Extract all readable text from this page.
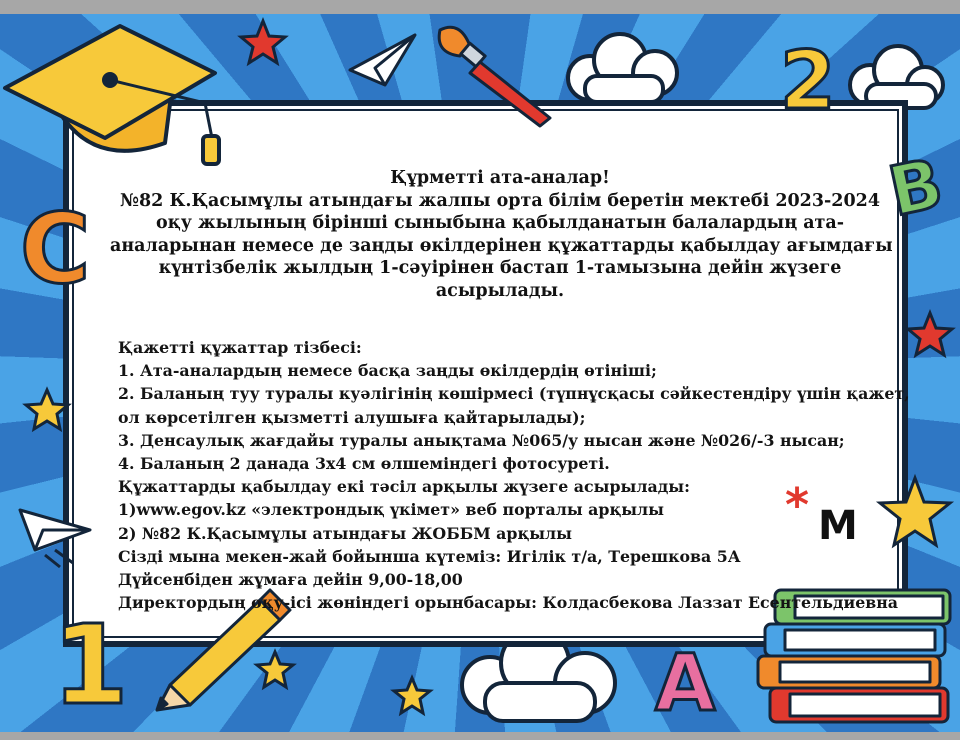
2
B
C
1	A
* M
Құрметті ата-аналар!
№82 К.Қасымұлы атындағы жалпы орта білім беретін мектебі 2023-2024
оқу жылының бірінші сыныбына қабылданатын балалардың ата-
аналарынан немесе де заңды өкілдерінен құжаттарды қабылдау ағымдағы
күнтізбелік жылдың 1-сәуірінен бастап 1-тамызына дейін жүзеге
асырылады.
Қажетті құжаттар тізбесі:
1. Ата-аналардың немесе басқа заңды өкілдердің өтініші;
2. Баланың туу туралы куәлігінің көшірмесі (түпнұсқасы сәйкестендіру үшін қажет,
ол көрсетілген қызметті алушыға қайтарылады);
3. Денсаулық жағдайы туралы анықтама №065/у нысан және №026/-3 нысан;
4. Баланың 2 данада 3х4 см өлшеміндегі фотосуреті.
Құжаттарды қабылдау екі тәсіл арқылы жүзеге асырылады:
1)www.egov.kz «электрондық үкімет» веб порталы арқылы
2) №82 К.Қасымұлы атындағы ЖОББМ арқылы
Сізді мына мекен-жай бойынша күтеміз: Игілік т/а, Терешкова 5А
Дүйсенбіден жұмаға дейін 9,00-18,00
Директордың оқу-ісі жөніндегі орынбасары: Колдасбекова Лаззат Есентельдиевна
